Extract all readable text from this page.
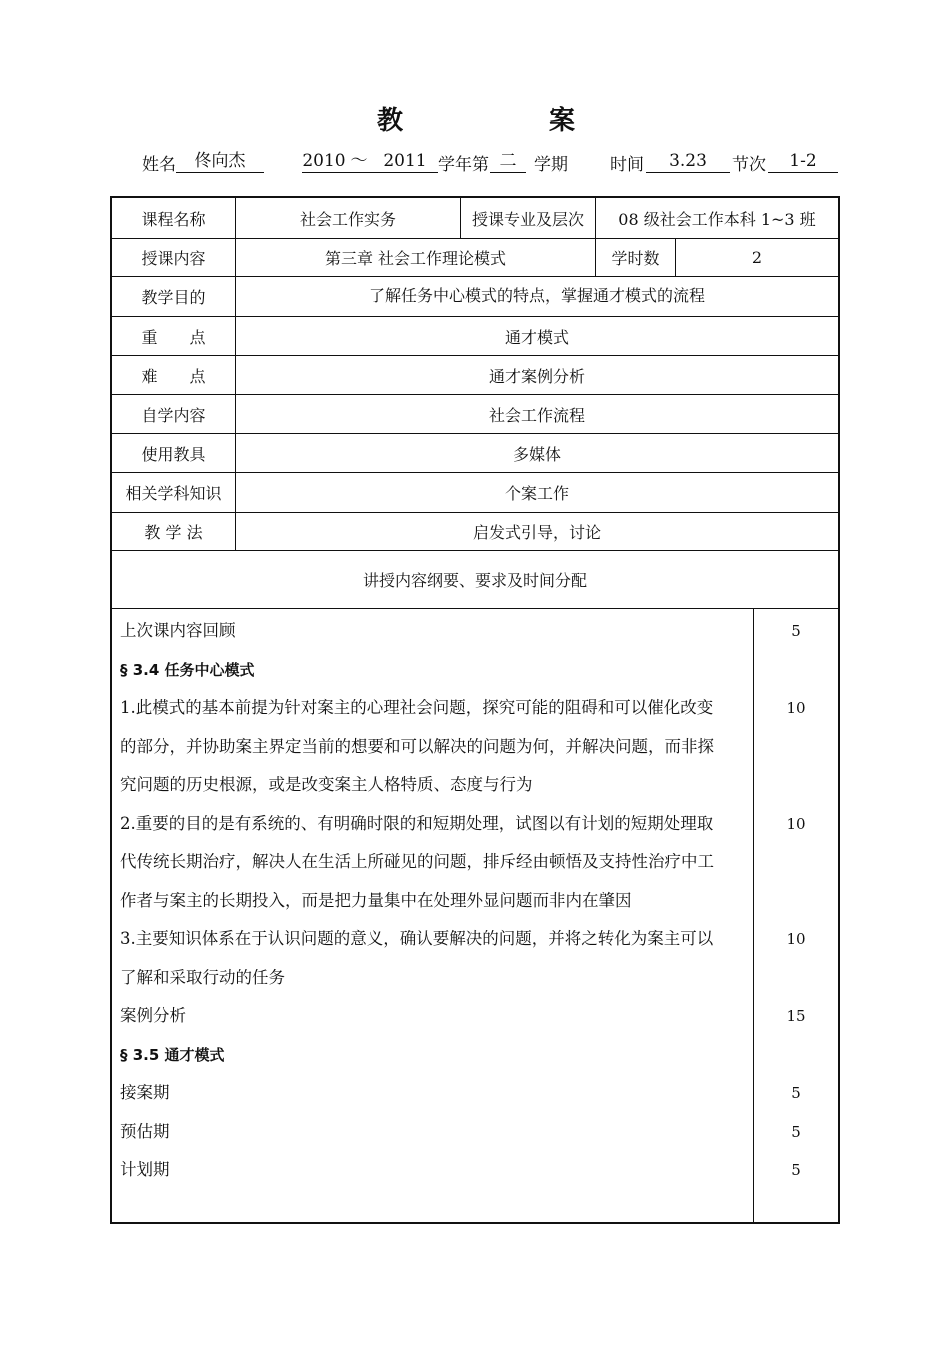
教　案
姓名	佟向杰	2010 ～ 2011 学年第 二	学期 时间	3.23	节次	1-2
课程名称	社会工作实务	授课专业及层次	08 级社会工作本科 1~3 班
授课内容	第三章 社会工作理论模式	学时数	2
教学目的	了解任务中心模式的特点，掌握通才模式的流程
重　　点	通才模式
难　　点	通才案例分析
自学内容	社会工作流程
使用教具	多媒体
相关学科知识	个案工作
教 学 法	启发式引导，讨论
讲授内容纲要、要求及时间分配
上次课内容回顾	5
§ 3.4 任务中心模式
1.此模式的基本前提为针对案主的心理社会问题，探究可能的阻碍和可以催化改变	10
的部分，并协助案主界定当前的想要和可以解决的问题为何，并解决问题，而非探
究问题的历史根源，或是改变案主人格特质、态度与行为
2.重要的目的是有系统的、有明确时限的和短期处理，试图以有计划的短期处理取	10
代传统长期治疗，解决人在生活上所碰见的问题，排斥经由顿悟及支持性治疗中工
作者与案主的长期投入，而是把力量集中在处理外显问题而非内在肇因
3.主要知识体系在于认识问题的意义，确认要解决的问题，并将之转化为案主可以	10
了解和采取行动的任务
案例分析	15
§ 3.5 通才模式
接案期	5
预估期	5
计划期	5
